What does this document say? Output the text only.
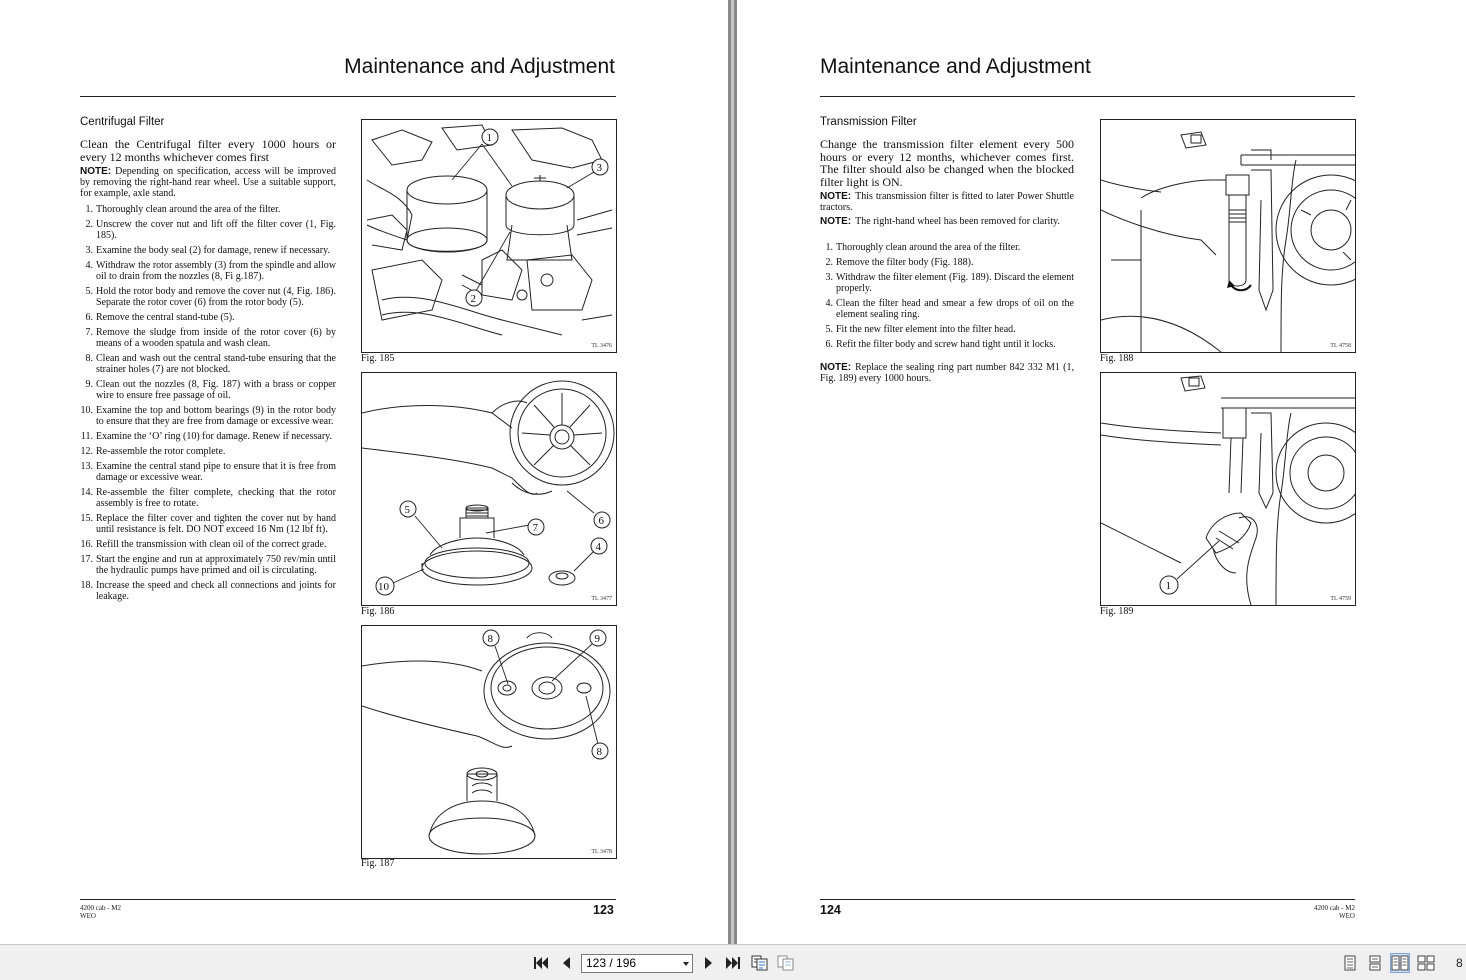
Maintenance and Adjustment
Centrifugal Filter

Clean the Centrifugal filter every 1000 hours or every 12 months whichever comes first

NOTE: Depending on specification, access will be improved by removing the right-hand rear wheel. Use a suitable support, for example, axle stand.

1. Thoroughly clean around the area of the filter.
2. Unscrew the cover nut and lift off the filter cover (1, Fig. 185).
3. Examine the body seal (2) for damage, renew if necessary.
4. Withdraw the rotor assembly (3) from the spindle and allow oil to drain from the nozzles (8, Fi g.187).
5. Hold the rotor body and remove the cover nut (4, Fig. 186). Separate the rotor cover (6) from the rotor body (5).
6. Remove the central stand-tube (5).
7. Remove the sludge from inside of the rotor cover (6) by means of a wooden spatula and wash clean.
8. Clean and wash out the central stand-tube ensuring that the strainer holes (7) are not blocked.
9. Clean out the nozzles (8, Fig. 187) with a brass or copper wire to ensure free passage of oil.
10. Examine the top and bottom bearings (9) in the rotor body to ensure that they are free from damage or excessive wear.
11. Examine the ‘O’ ring (10) for damage. Renew if necessary.
12. Re-assemble the rotor complete.
13. Examine the central stand pipe to ensure that it is free from damage or excessive wear.
14. Re-assemble the filter complete, checking that the rotor assembly is free to rotate.
15. Replace the filter cover and tighten the cover nut by hand until resistance is felt. DO NOT exceed 16 Nm (12 lbf ft).
16. Refill the transmission with clean oil of the correct grade.
17. Start the engine and run at approximately 750 rev/min until the hydraulic pumps have primed and oil is circulating.
18. Increase the speed and check all connections and joints for leakage.
1
2
3
TL 3476
Fig. 185
4
5
6
7
10
TL 3477
Fig. 186
8	9
8
TL 3478
Fig. 187
4200 cab - M2
WEO	123
Maintenance and Adjustment
Transmission Filter

Change the transmission filter element every 500 hours or every 12 months, whichever comes first. The filter should also be changed when the blocked filter light is ON.

NOTE: This transmission filter is fitted to later Power Shuttle tractors.

NOTE: The right-hand wheel has been removed for clarity.

1. Thoroughly clean around the area of the filter.
2. Remove the filter body (Fig. 188).
3. Withdraw the filter element (Fig. 189). Discard the element properly.
4. Clean the filter head and smear a few drops of oil on the element sealing ring.
5. Fit the new filter element into the filter head.
6. Refit the filter body and screw hand tight until it locks.

NOTE: Replace the sealing ring part number 842 332 M1 (1, Fig. 189) every 1000 hours.

TL 4758
Fig. 188
1
TL 4759
Fig. 189
124	4200 cab - M2
WEO
123 / 196	8
